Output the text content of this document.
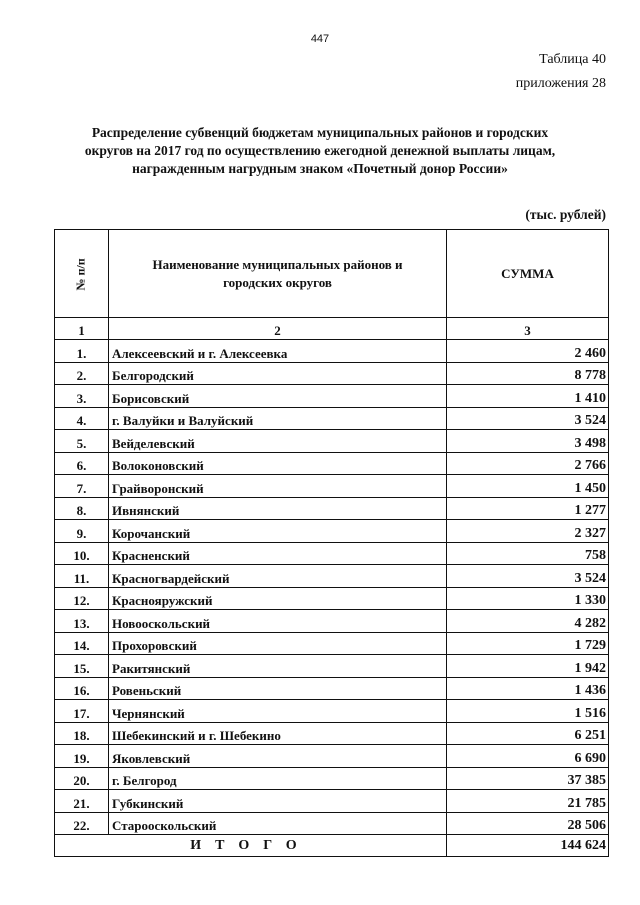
447
Таблица 40
приложения 28
Распределение субвенций бюджетам муниципальных районов и городских
округов на 2017 год по осуществлению ежегодной денежной выплаты лицам,
награжденным нагрудным знаком «Почетный донор России»
(тыс. рублей)
№ п/п	Наименование муниципальных районов и городских округов	СУММА
1	2	3
1.	Алексеевский и г. Алексеевка	2 460
2.	Белгородский	8 778
3.	Борисовский	1 410
4.	г. Валуйки и Валуйский	3 524
5.	Вейделевский	3 498
6.	Волоконовский	2 766
7.	Грайворонский	1 450
8.	Ивнянский	1 277
9.	Корочанский	2 327
10.	Красненский	758
11.	Красногвардейский	3 524
12.	Краснояружский	1 330
13.	Новооскольский	4 282
14.	Прохоровский	1 729
15.	Ракитянский	1 942
16.	Ровеньский	1 436
17.	Чернянский	1 516
18.	Шебекинский и г. Шебекино	6 251
19.	Яковлевский	6 690
20.	г. Белгород	37 385
21.	Губкинский	21 785
22.	Старооскольский	28 506
ИТОГО		144 624
